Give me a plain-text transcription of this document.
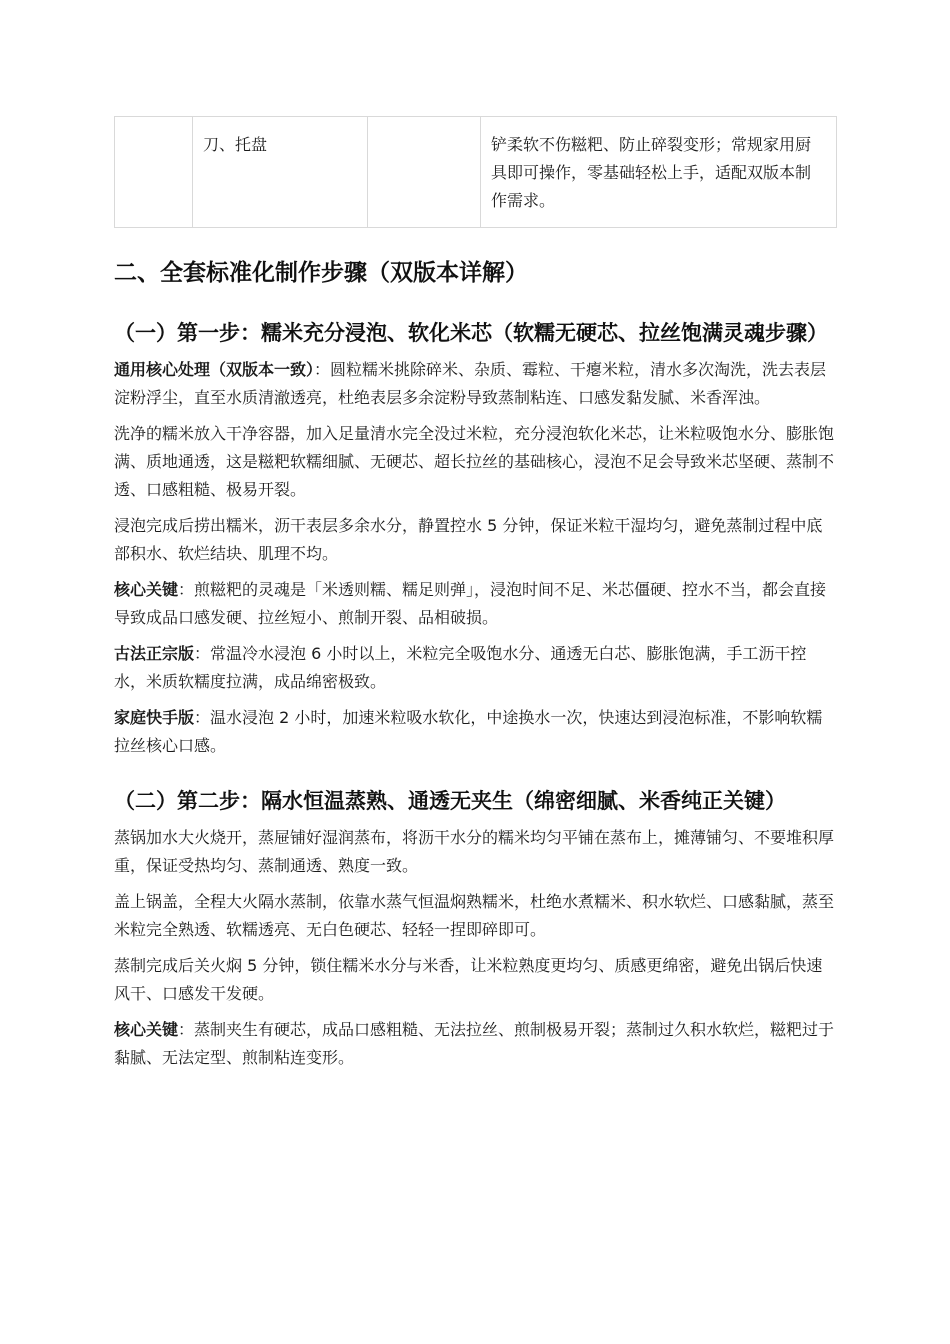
	刀、托盘		铲柔软不伤糍粑、防止碎裂变形；常规家用厨具即可操作，零基础轻松上手，适配双版本制作需求。
二、全套标准化制作步骤（双版本详解）
（一）第一步：糯米充分浸泡、软化米芯（软糯无硬芯、拉丝饱满灵魂步骤）

通用核心处理（双版本一致）：圆粒糯米挑除碎米、杂质、霉粒、干瘪米粒，清水多次淘洗，洗去表层淀粉浮尘，直至水质清澈透亮，杜绝表层多余淀粉导致蒸制粘连、口感发黏发腻、米香浑浊。

洗净的糯米放入干净容器，加入足量清水完全没过米粒，充分浸泡软化米芯，让米粒吸饱水分、膨胀饱满、质地通透，这是糍粑软糯细腻、无硬芯、超长拉丝的基础核心，浸泡不足会导致米芯坚硬、蒸制不透、口感粗糙、极易开裂。

浸泡完成后捞出糯米，沥干表层多余水分，静置控水 5 分钟，保证米粒干湿均匀，避免蒸制过程中底部积水、软烂结块、肌理不均。

核心关键：煎糍粑的灵魂是「米透则糯、糯足则弹」，浸泡时间不足、米芯僵硬、控水不当，都会直接导致成品口感发硬、拉丝短小、煎制开裂、品相破损。

古法正宗版：常温冷水浸泡 6 小时以上，米粒完全吸饱水分、通透无白芯、膨胀饱满，手工沥干控水，米质软糯度拉满，成品绵密极致。

家庭快手版：温水浸泡 2 小时，加速米粒吸水软化，中途换水一次，快速达到浸泡标准，不影响软糯拉丝核心口感。

（二）第二步：隔水恒温蒸熟、通透无夹生（绵密细腻、米香纯正关键）

蒸锅加水大火烧开，蒸屉铺好湿润蒸布，将沥干水分的糯米均匀平铺在蒸布上，摊薄铺匀、不要堆积厚重，保证受热均匀、蒸制通透、熟度一致。

盖上锅盖，全程大火隔水蒸制，依靠水蒸气恒温焖熟糯米，杜绝水煮糯米、积水软烂、口感黏腻，蒸至米粒完全熟透、软糯透亮、无白色硬芯、轻轻一捏即碎即可。

蒸制完成后关火焖 5 分钟，锁住糯米水分与米香，让米粒熟度更均匀、质感更绵密，避免出锅后快速风干、口感发干发硬。

核心关键：蒸制夹生有硬芯，成品口感粗糙、无法拉丝、煎制极易开裂；蒸制过久积水软烂，糍粑过于黏腻、无法定型、煎制粘连变形。
